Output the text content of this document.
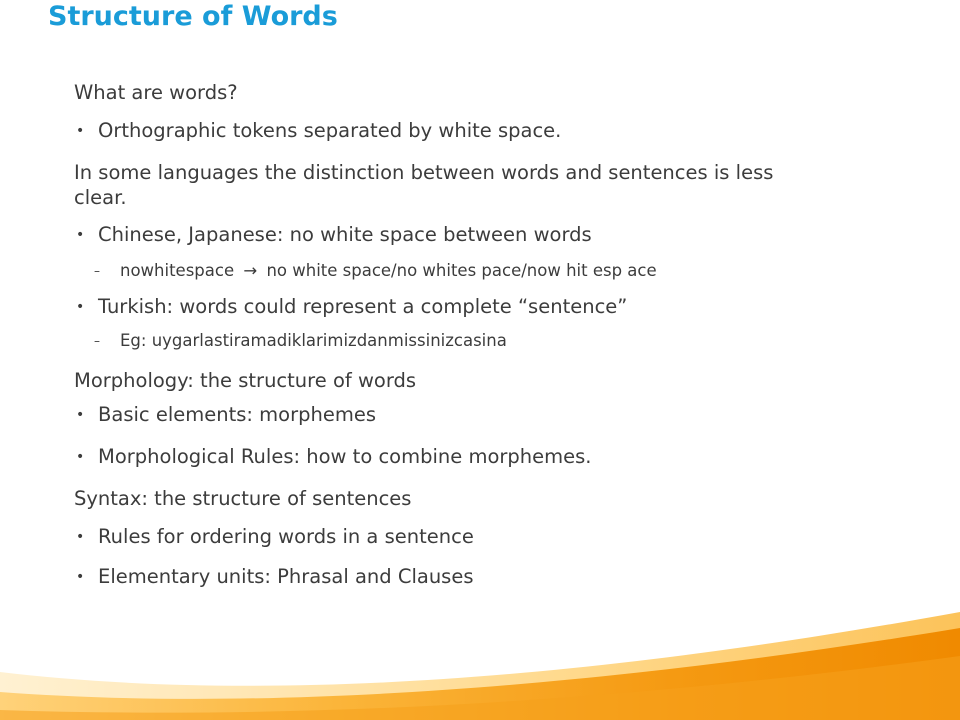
Structure of Words
What are words?
• Orthographic tokens separated by white space.
In some languages the distinction between words and sentences is less clear.
• Chinese, Japanese: no white space between words
– nowhitespace → no white space/no whites pace/now hit esp ace
• Turkish: words could represent a complete “sentence”
– Eg: uygarlastiramadiklarimizdanmissinizcasina
Morphology: the structure of words
• Basic elements: morphemes
• Morphological Rules: how to combine morphemes.
Syntax: the structure of sentences
• Rules for ordering words in a sentence
• Elementary units: Phrasal and Clauses
